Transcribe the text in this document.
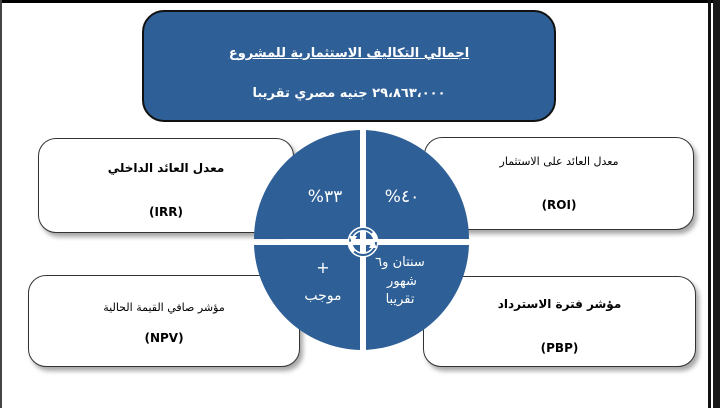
اجمالي التكاليف الاستثمارية للمشروع
٢٩،٨٦٣،٠٠٠ جنيه مصري تقريبا
معدل العائد الداخلي
(IRR)
معدل العائد على الاستثمار
(ROI)
مؤشر صافي القيمة الحالية
(NPV)
مؤشر فترة الاسترداد
(PBP)
%٣٣	%٤٠
+
موجب
سنتان و٦
شهور
تقريبا
